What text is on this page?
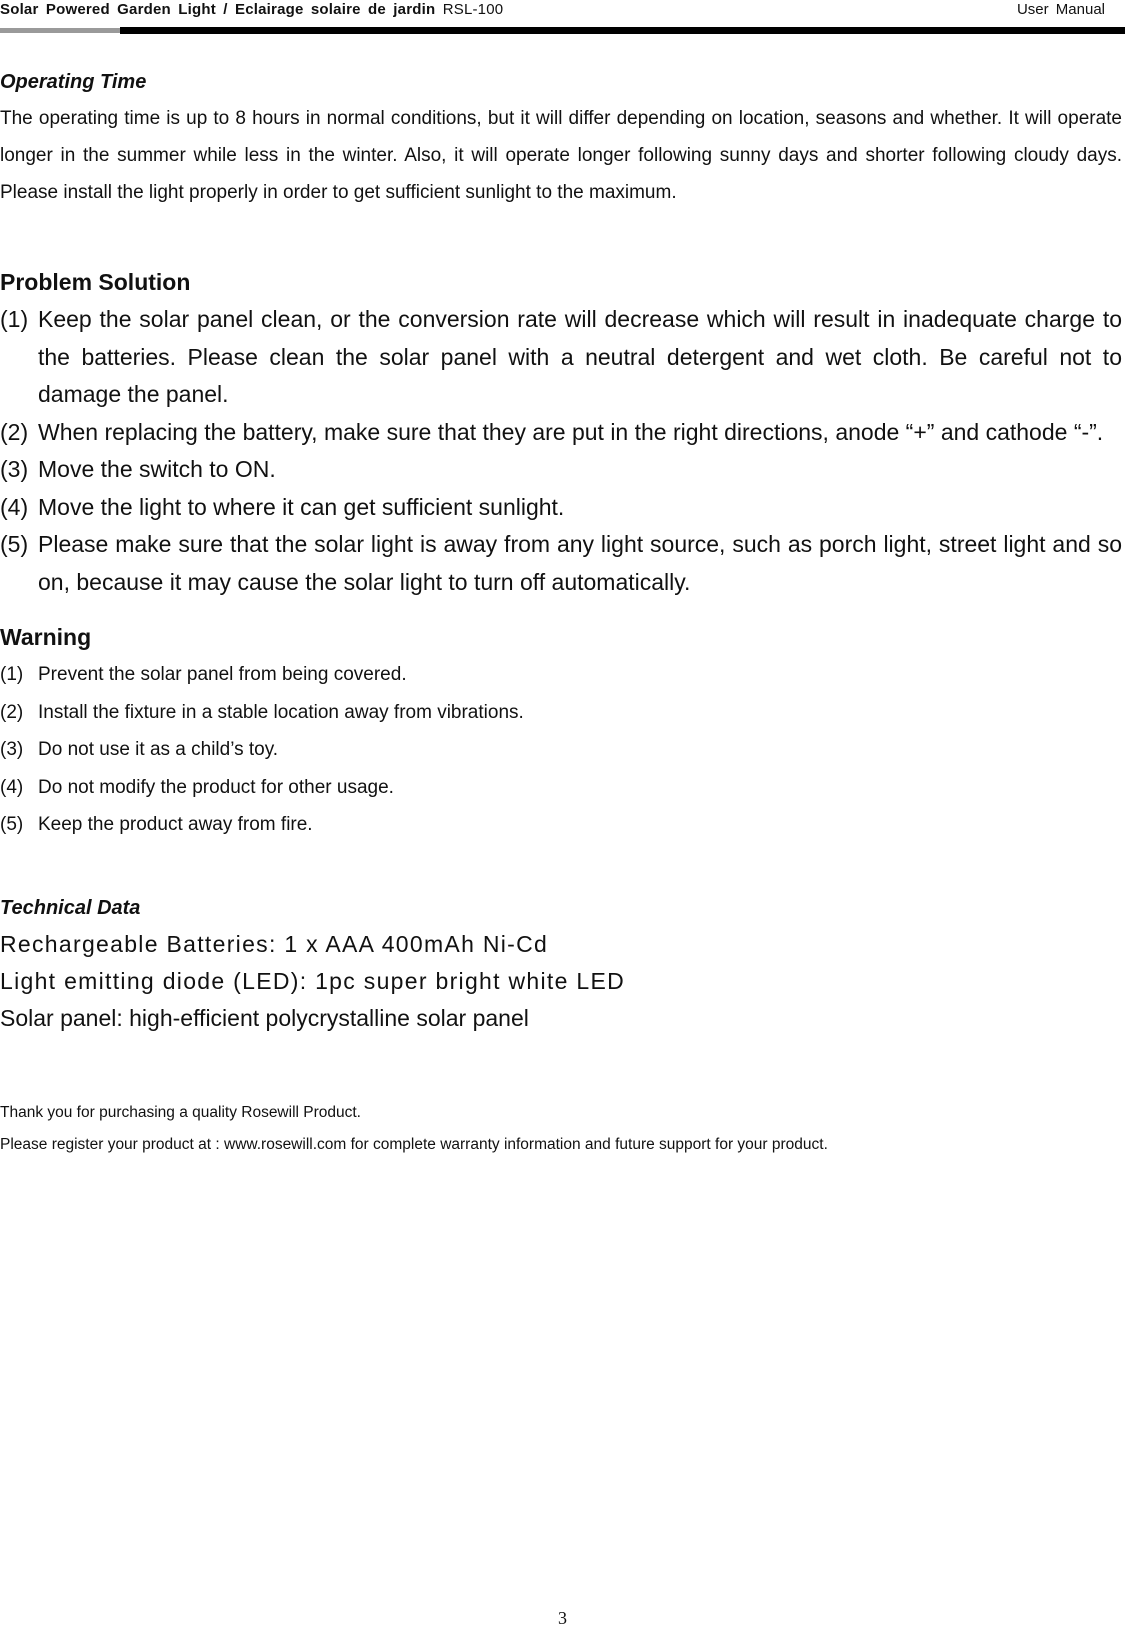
Solar Powered Garden Light / Eclairage solaire de jardin RSL-100	User Manual
Operating Time

The operating time is up to 8 hours in normal conditions, but it will differ depending on location, seasons and whether. It will operate longer in the summer while less in the winter. Also, it will operate longer following sunny days and shorter following cloudy days. Please install the light properly in order to get sufficient sunlight to the maximum.

Problem Solution
(1) Keep the solar panel clean, or the conversion rate will decrease which will result in inadequate charge to the batteries. Please clean the solar panel with a neutral detergent and wet cloth. Be careful not to damage the panel.
(2) When replacing the battery, make sure that they are put in the right directions, anode “+” and cathode “-”.
(3) Move the switch to ON.
(4) Move the light to where it can get sufficient sunlight.
(5) Please make sure that the solar light is away from any light source, such as porch light, street light and so on, because it may cause the solar light to turn off automatically.
Warning
(1) Prevent the solar panel from being covered.
(2) Install the fixture in a stable location away from vibrations.
(3) Do not use it as a child’s toy.
(4) Do not modify the product for other usage.
(5) Keep the product away from fire.
Technical Data
Rechargeable Batteries: 1 x AAA 400mAh Ni-Cd
Light emitting diode (LED): 1pc super bright white LED
Solar panel: high-efficient polycrystalline solar panel
Thank you for purchasing a quality Rosewill Product.
Please register your product at : www.rosewill.com for complete warranty information and future support for your product.
3
